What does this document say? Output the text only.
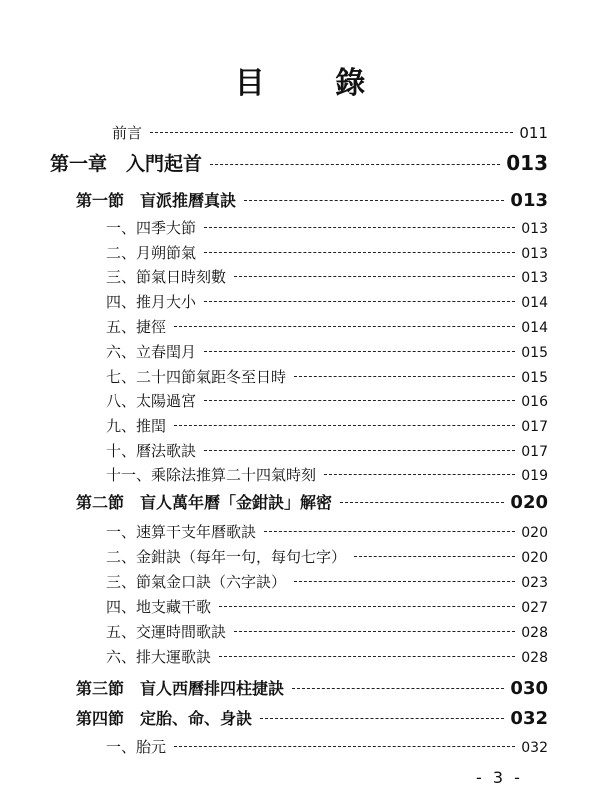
目 錄
前言	011
第一章　入門起首	013
第一節　盲派推曆真訣	013
一、四季大節	013
二、月朔節氣	013
三、節氣日時刻數	013
四、推月大小	014
五、捷徑	014
六、立春閏月	015
七、二十四節氣距冬至日時	015
八、太陽過宮	016
九、推閏	017
十、曆法歌訣	017
十一、乘除法推算二十四氣時刻	019
第二節　盲人萬年曆「金鉗訣」解密	020
一、速算干支年曆歌訣	020
二、金鉗訣（每年一句，每句七字）	020
三、節氣金口訣（六字訣）	023
四、地支藏干歌	027
五、交運時間歌訣	028
六、排大運歌訣	028
第三節　盲人西曆排四柱捷訣	030
第四節　定胎、命、身訣	032
一、胎元	032
- 3 -
